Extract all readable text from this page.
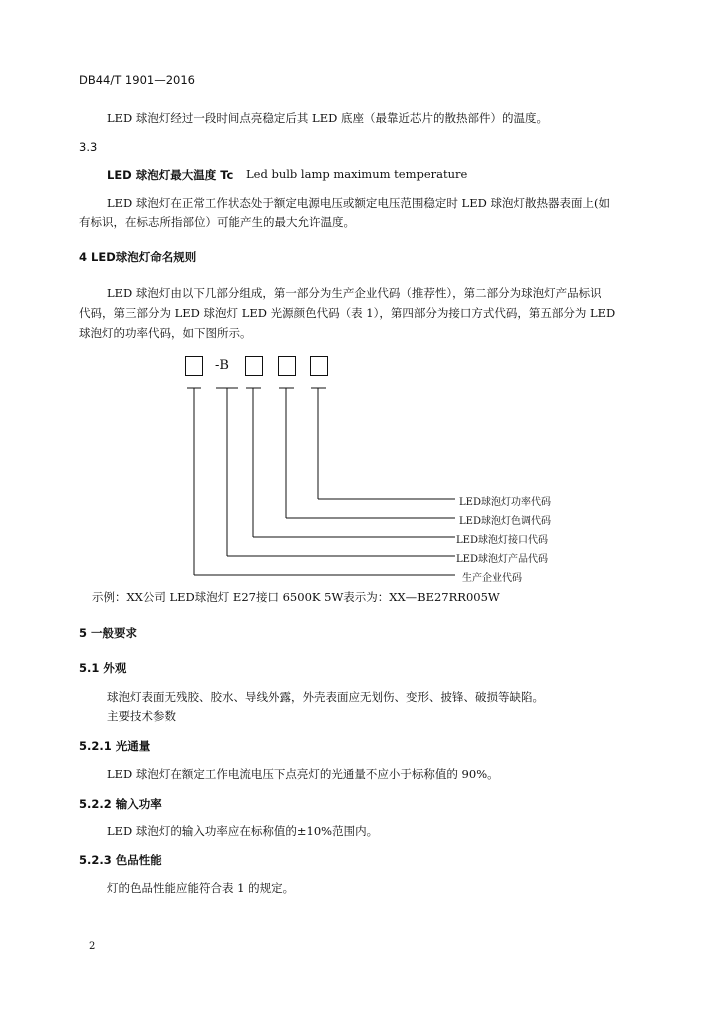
DB44/T 1901—2016
LED 球泡灯经过一段时间点亮稳定后其 LED 底座（最靠近芯片的散热部件）的温度。
3.3
LED 球泡灯最大温度 Tc Led bulb lamp maximum temperature
LED 球泡灯在正常工作状态处于额定电源电压或额定电压范围稳定时 LED 球泡灯散热器表面上(如
有标识，在标志所指部位）可能产生的最大允许温度。
4 LED球泡灯命名规则
LED 球泡灯由以下几部分组成，第一部分为生产企业代码（推荐性），第二部分为球泡灯产品标识
代码，第三部分为 LED 球泡灯 LED 光源颜色代码（表 1），第四部分为接口方式代码，第五部分为 LED
球泡灯的功率代码，如下图所示。
-B
LED球泡灯功率代码
LED球泡灯色调代码
LED球泡灯接口代码
LED球泡灯产品代码
生产企业代码
示例：XX公司 LED球泡灯 E27接口 6500K 5W表示为：XX—BE27RR005W
5 一般要求
5.1 外观
球泡灯表面无残胶、胶水、导线外露，外壳表面应无划伤、变形、披锋、破损等缺陷。
主要技术参数
5.2.1 光通量
LED 球泡灯在额定工作电流电压下点亮灯的光通量不应小于标称值的 90%。
5.2.2 输入功率
LED 球泡灯的输入功率应在标称值的±10%范围内。
5.2.3 色品性能
灯的色品性能应能符合表 1 的规定。
2
